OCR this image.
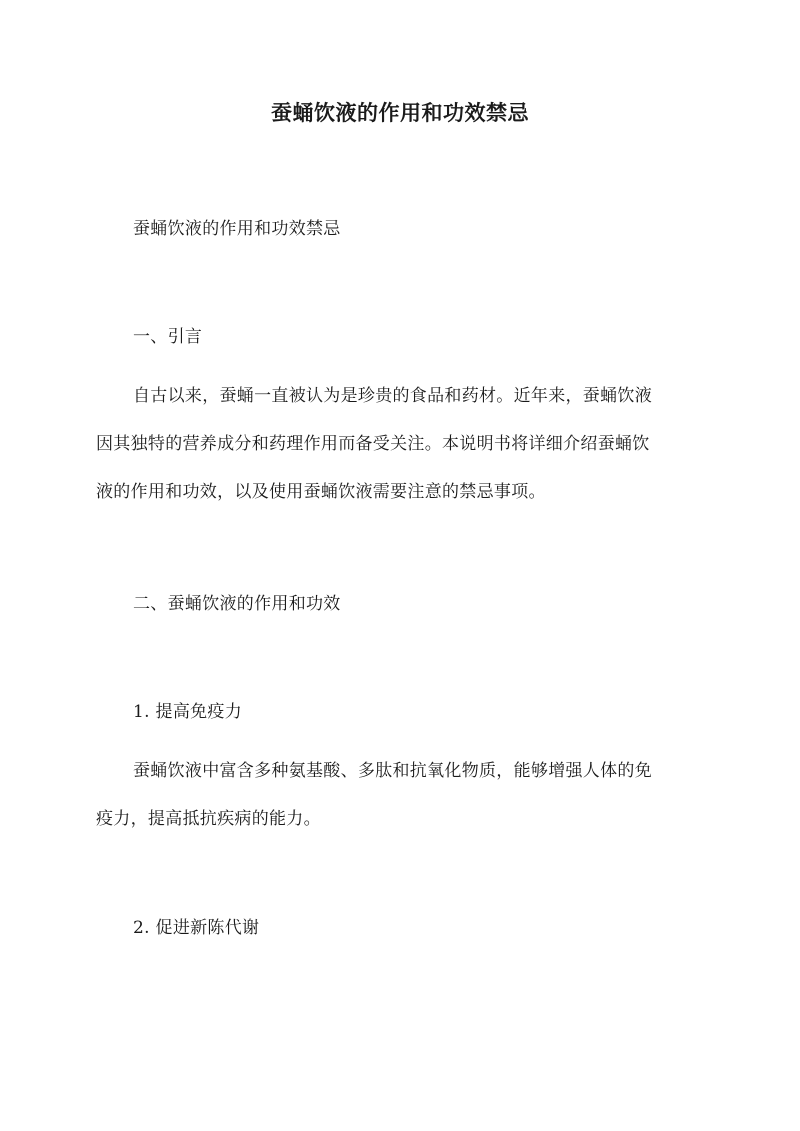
蚕蛹饮液的作用和功效禁忌
蚕蛹饮液的作用和功效禁忌
一、引言
自古以来，蚕蛹一直被认为是珍贵的食品和药材。近年来，蚕蛹饮液
因其独特的营养成分和药理作用而备受关注。本说明书将详细介绍蚕蛹饮
液的作用和功效，以及使用蚕蛹饮液需要注意的禁忌事项。
二、蚕蛹饮液的作用和功效
1. 提高免疫力
蚕蛹饮液中富含多种氨基酸、多肽和抗氧化物质，能够增强人体的免
疫力，提高抵抗疾病的能力。
2. 促进新陈代谢
